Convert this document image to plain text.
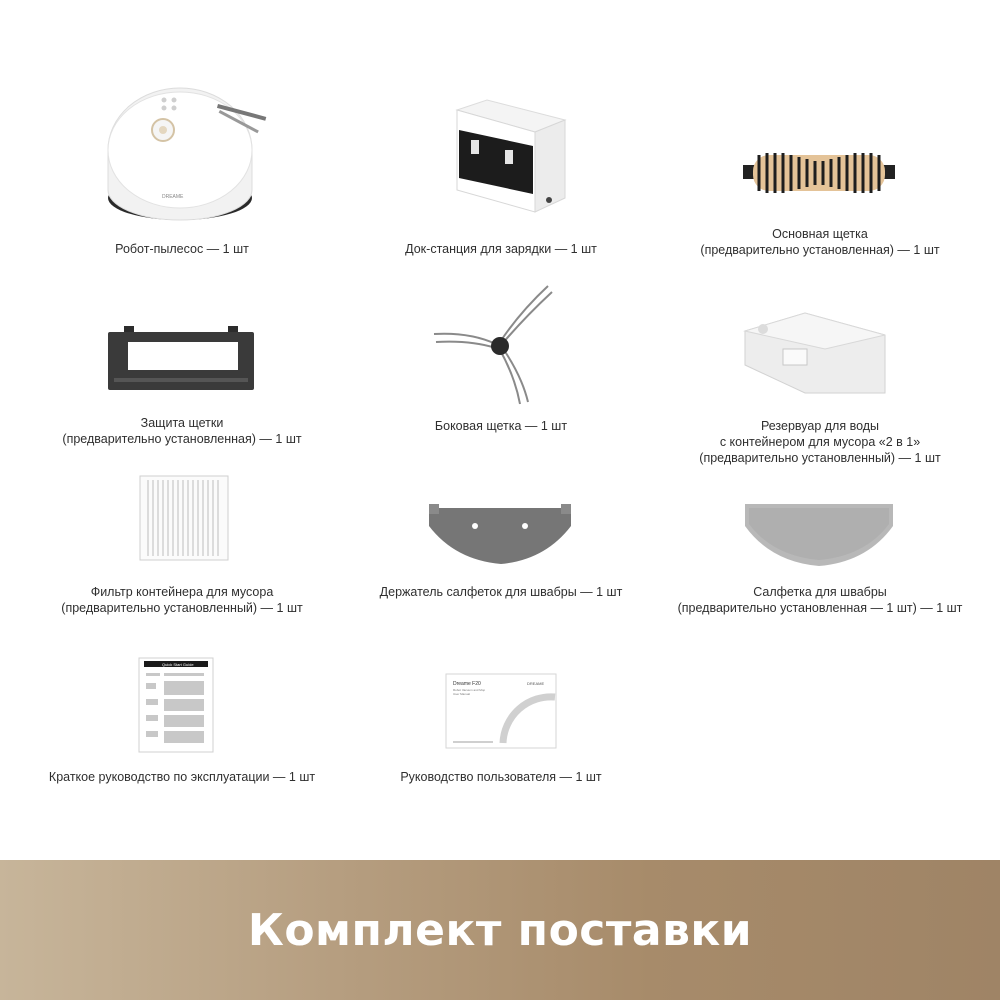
DREAME
Робот-пылесос — 1 шт	Док-станция для зарядки — 1 шт
Основная щетка
(предварительно установленная) — 1 шт
Защита щетки
(предварительно установленная) — 1 шт
Боковая щетка — 1 шт	Резервуар для воды
с контейнером для мусора «2 в 1»
(предварительно установленный) — 1 шт
Фильтр контейнера для мусора
(предварительно установленный) — 1 шт
Держатель салфеток для швабры — 1 шт	Салфетка для швабры
(предварительно установленная — 1 шт) — 1 шт
Quick Start Guide
Краткое руководство по эксплуатации — 1 шт
Dreame F20
Robot Vacuum and Mop
User Manual
DREAME
Руководство пользователя — 1 шт
Комплект поставки
